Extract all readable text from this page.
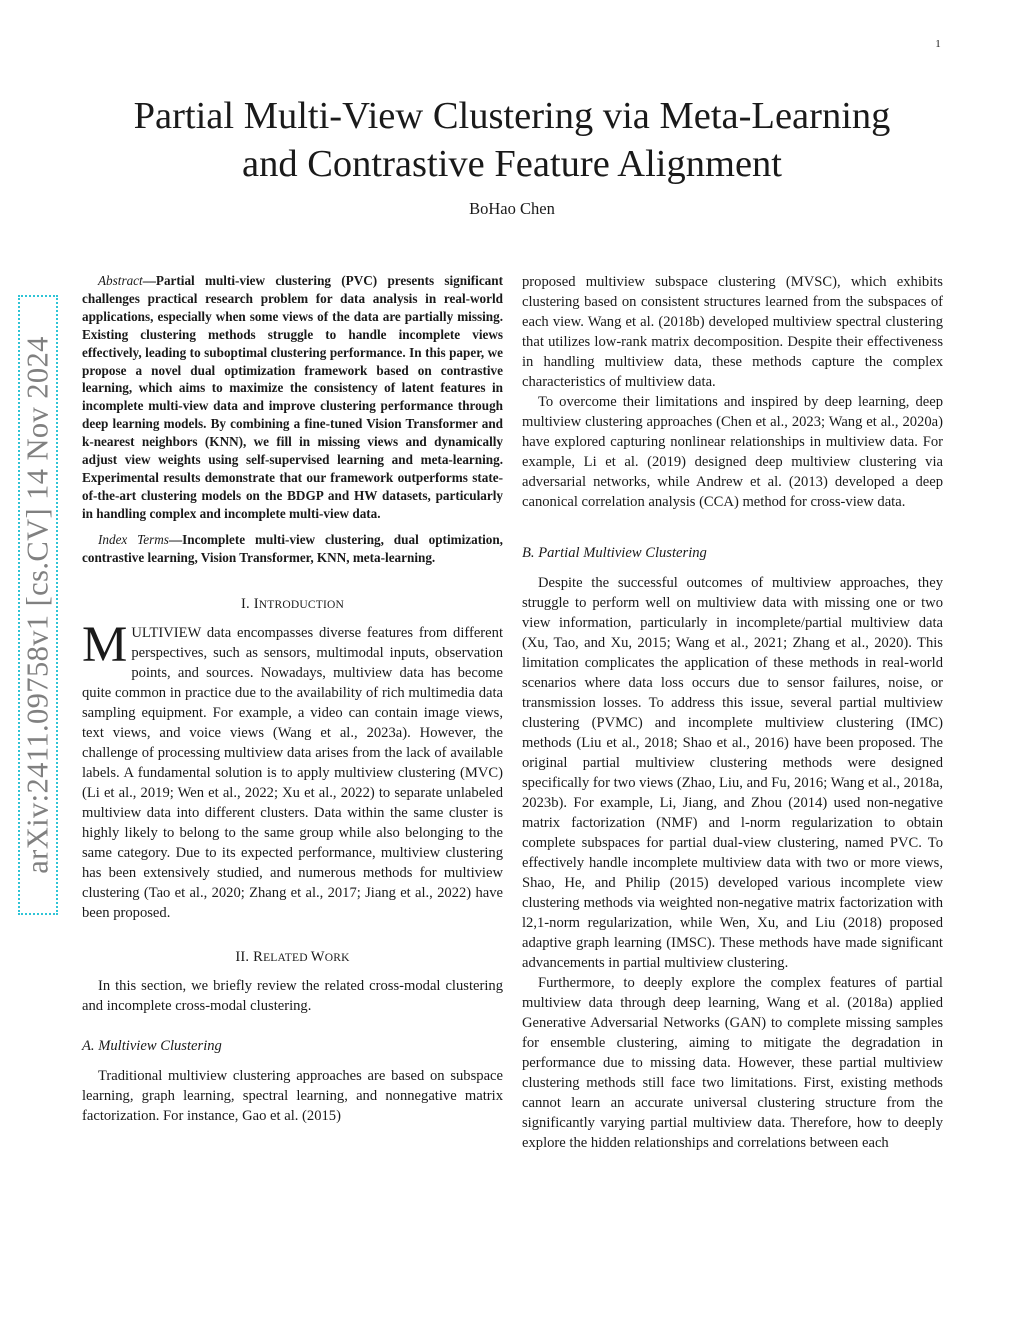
1
Partial Multi-View Clustering via Meta-Learning
and Contrastive Feature Alignment
BoHao Chen
arXiv:2411.09758v1 [cs.CV] 14 Nov 2024

Abstract—Partial multi-view clustering (PVC) presents significant challenges practical research problem for data analysis in real-world applications, especially when some views of the data are partially missing. Existing clustering methods struggle to handle incomplete views effectively, leading to suboptimal clustering performance. In this paper, we propose a novel dual optimization framework based on contrastive learning, which aims to maximize the consistency of latent features in incomplete multi-view data and improve clustering performance through deep learning models. By combining a fine-tuned Vision Transformer and k-nearest neighbors (KNN), we fill in missing views and dynamically adjust view weights using self-supervised learning and meta-learning. Experimental results demonstrate that our framework outperforms state-of-the-art clustering models on the BDGP and HW datasets, particularly in handling complex and incomplete multi-view data.

Index Terms—Incomplete multi-view clustering, dual optimization, contrastive learning, Vision Transformer, KNN, meta-learning.

I. INTRODUCTION

MULTIVIEW data encompasses diverse features from different perspectives, such as sensors, multimodal inputs, observation points, and sources. Nowadays, multiview data has become quite common in practice due to the availability of rich multimedia data sampling equipment. For example, a video can contain image views, text views, and voice views (Wang et al., 2023a). However, the challenge of processing multiview data arises from the lack of available labels. A fundamental solution is to apply multiview clustering (MVC) (Li et al., 2019; Wen et al., 2022; Xu et al., 2022) to separate unlabeled multiview data into different clusters. Data within the same cluster is highly likely to belong to the same group while also belonging to the same category. Due to its expected performance, multiview clustering has been extensively studied, and numerous methods for multiview clustering (Tao et al., 2020; Zhang et al., 2017; Jiang et al., 2022) have been proposed.

II. RELATED WORK

In this section, we briefly review the related cross-modal clustering and incomplete cross-modal clustering.

A. Multiview Clustering

Traditional multiview clustering approaches are based on subspace learning, graph learning, spectral learning, and nonnegative matrix factorization. For instance, Gao et al. (2015)

proposed multiview subspace clustering (MVSC), which exhibits clustering based on consistent structures learned from the subspaces of each view. Wang et al. (2018b) developed multiview spectral clustering that utilizes low-rank matrix decomposition. Despite their effectiveness in handling multiview data, these methods capture the complex characteristics of multiview data.

To overcome their limitations and inspired by deep learning, deep multiview clustering approaches (Chen et al., 2023; Wang et al., 2020a) have explored capturing nonlinear relationships in multiview data. For example, Li et al. (2019) designed deep multiview clustering via adversarial networks, while Andrew et al. (2013) developed a deep canonical correlation analysis (CCA) method for cross-view data.

B. Partial Multiview Clustering

Despite the successful outcomes of multiview approaches, they struggle to perform well on multiview data with missing one or two view information, particularly in incomplete/partial multiview data (Xu, Tao, and Xu, 2015; Wang et al., 2021; Zhang et al., 2020). This limitation complicates the application of these methods in real-world scenarios where data loss occurs due to sensor failures, noise, or transmission losses. To address this issue, several partial multiview clustering (PVMC) and incomplete multiview clustering (IMC) methods (Liu et al., 2018; Shao et al., 2016) have been proposed. The original partial multiview clustering methods were designed specifically for two views (Zhao, Liu, and Fu, 2016; Wang et al., 2018a, 2023b). For example, Li, Jiang, and Zhou (2014) used non-negative matrix factorization (NMF) and l-norm regularization to obtain complete subspaces for partial dual-view clustering, named PVC. To effectively handle incomplete multiview data with two or more views, Shao, He, and Philip (2015) developed various incomplete view clustering methods via weighted non-negative matrix factorization with l2,1-norm regularization, while Wen, Xu, and Liu (2018) proposed adaptive graph learning (IMSC). These methods have made significant advancements in partial multiview clustering.

Furthermore, to deeply explore the complex features of partial multiview data through deep learning, Wang et al. (2018a) applied Generative Adversarial Networks (GAN) to complete missing samples for ensemble clustering, aiming to mitigate the degradation in performance due to missing data. However, these partial multiview clustering methods still face two limitations. First, existing methods cannot learn an accurate universal clustering structure from the significantly varying partial multiview data. Therefore, how to deeply explore the hidden relationships and correlations between each
